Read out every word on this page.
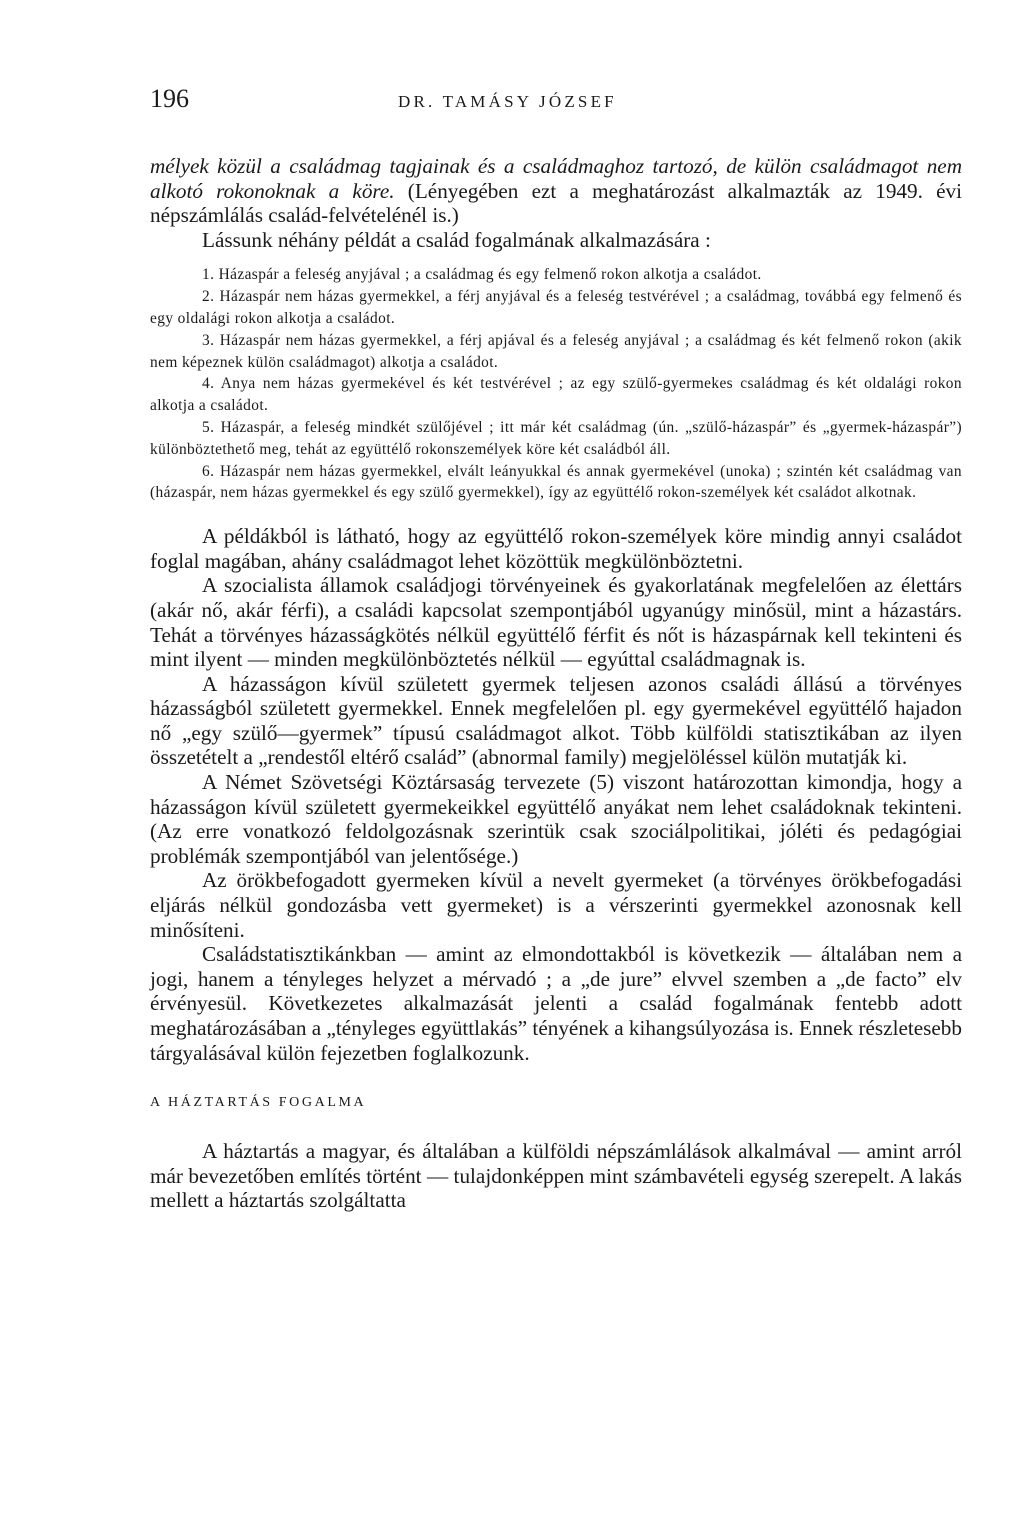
196	DR. TAMÁSY JÓZSEF

mélyek közül a családmag tagjainak és a családmaghoz tartozó, de külön családmagot nem alkotó rokonoknak a köre. (Lényegében ezt a meghatározást alkalmazták az 1949. évi népszámlálás család-felvételénél is.)

Lássunk néhány példát a család fogalmának alkalmazására :

1. Házaspár a feleség anyjával ; a családmag és egy felmenő rokon alkotja a családot.

2. Házaspár nem házas gyermekkel, a férj anyjával és a feleség testvérével ; a családmag, továbbá egy felmenő és egy oldalági rokon alkotja a családot.

3. Házaspár nem házas gyermekkel, a férj apjával és a feleség anyjával ; a családmag és két felmenő rokon (akik nem képeznek külön családmagot) alkotja a családot.

4. Anya nem házas gyermekével és két testvérével ; az egy szülő-gyermekes családmag és két oldalági rokon alkotja a családot.

5. Házaspár, a feleség mindkét szülőjével ; itt már két családmag (ún. „szülő-házaspár” és „gyermek-házaspár”) különböztethető meg, tehát az együttélő rokonszemélyek köre két családból áll.

6. Házaspár nem házas gyermekkel, elvált leányukkal és annak gyermekével (unoka) ; szintén két családmag van (házaspár, nem házas gyermekkel és egy szülő gyermekkel), így az együttélő rokon-személyek két családot alkotnak.

A példákból is látható, hogy az együttélő rokon-személyek köre mindig annyi családot foglal magában, ahány családmagot lehet közöttük megkülönböztetni.

A szocialista államok családjogi törvényeinek és gyakorlatának megfelelően az élettárs (akár nő, akár férfi), a családi kapcsolat szempontjából ugyanúgy minősül, mint a házastárs. Tehát a törvényes házasságkötés nélkül együttélő férfit és nőt is házaspárnak kell tekinteni és mint ilyent — minden megkülönböztetés nélkül — egyúttal családmagnak is.

A házasságon kívül született gyermek teljesen azonos családi állású a törvényes házasságból született gyermekkel. Ennek megfelelően pl. egy gyermekével együttélő hajadon nő „egy szülő—gyermek” típusú családmagot alkot. Több külföldi statisztikában az ilyen összetételt a „rendestől eltérő család” (abnormal family) megjelöléssel külön mutatják ki.

A Német Szövetségi Köztársaság tervezete (5) viszont határozottan kimondja, hogy a házasságon kívül született gyermekeikkel együttélő anyákat nem lehet családoknak tekinteni. (Az erre vonatkozó feldolgozásnak szerintük csak szociálpolitikai, jóléti és pedagógiai problémák szempontjából van jelentősége.)

Az örökbefogadott gyermeken kívül a nevelt gyermeket (a törvényes örökbefogadási eljárás nélkül gondozásba vett gyermeket) is a vérszerinti gyermekkel azonosnak kell minősíteni.

Családstatisztikánkban — amint az elmondottakból is következik — általában nem a jogi, hanem a tényleges helyzet a mérvadó ; a „de jure” elvvel szemben a „de facto” elv érvényesül. Következetes alkalmazását jelenti a család fogalmának fentebb adott meghatározásában a „tényleges együttlakás” tényének a kihangsúlyozása is. Ennek részletesebb tárgyalásával külön fejezetben foglalkozunk.

A HÁZTARTÁS FOGALMA

A háztartás a magyar, és általában a külföldi népszámlálások alkalmával — amint arról már bevezetőben említés történt — tulajdonképpen mint számbavételi egység szerepelt. A lakás mellett a háztartás szolgáltatta
